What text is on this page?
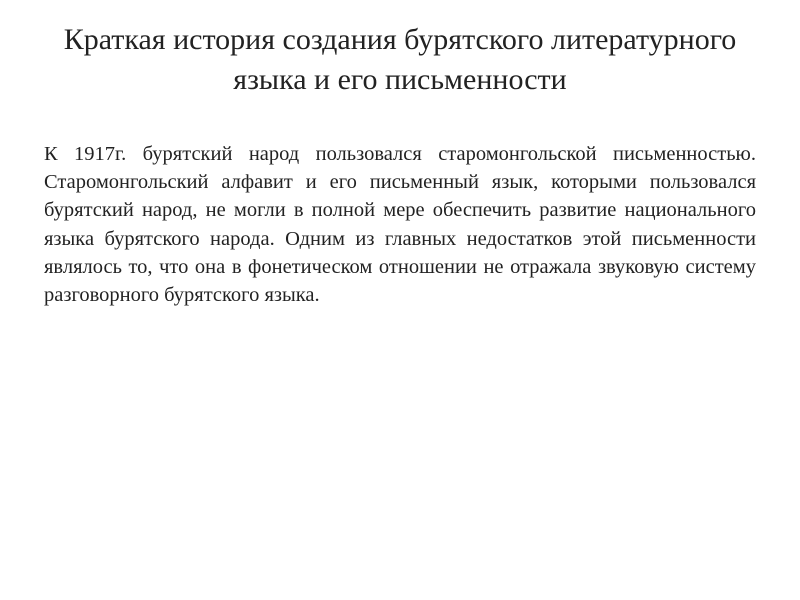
Краткая история создания бурятского литературного языка и его письменности
К 1917г. бурятский народ пользовался старомонгольской письменностью. Старомонгольский алфавит и его письменный язык, которыми пользовался бурятский народ, не могли в полной мере обеспечить развитие национального языка бурятского народа. Одним из главных недостатков этой письменности являлось то, что она в фонетическом отношении не отражала звуковую систему разговорного бурятского языка.
